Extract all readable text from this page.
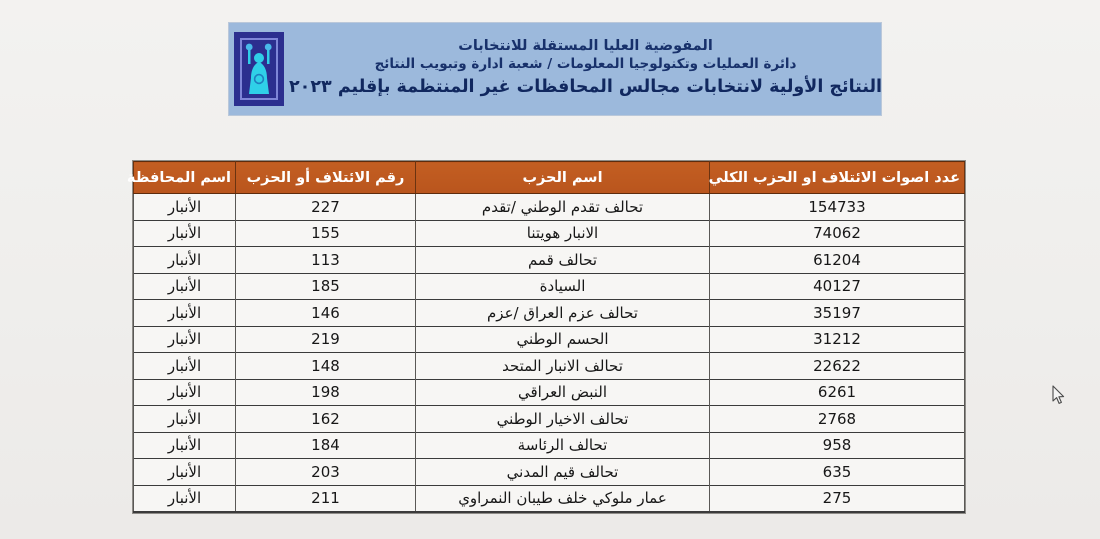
المفوضية العليا المستقلة للانتخابات
دائرة العمليات وتكنولوجيا المعلومات / شعبة ادارة وتبويب النتائج
النتائج الأولية لانتخابات مجالس المحافظات غير المنتظمة بإقليم ٢٠٢٣
عدد اصوات الائتلاف او الحزب الكلي	اسم الحزب	رقم الائتلاف أو الحزب	اسم المحافظة
154733	تحالف تقدم الوطني /تقدم	227	الأنبار
74062	الانبار هويتنا	155	الأنبار
61204	تحالف قمم	113	الأنبار
40127	السيادة	185	الأنبار
35197	تحالف عزم العراق /عزم	146	الأنبار
31212	الحسم الوطني	219	الأنبار
22622	تحالف الانبار المتحد	148	الأنبار
6261	النبض العراقي	198	الأنبار
2768	تحالف الاخيار الوطني	162	الأنبار
958	تحالف الرئاسة	184	الأنبار
635	تحالف قيم المدني	203	الأنبار
275	عمار ملوكي خلف طيبان النمراوي	211	الأنبار
